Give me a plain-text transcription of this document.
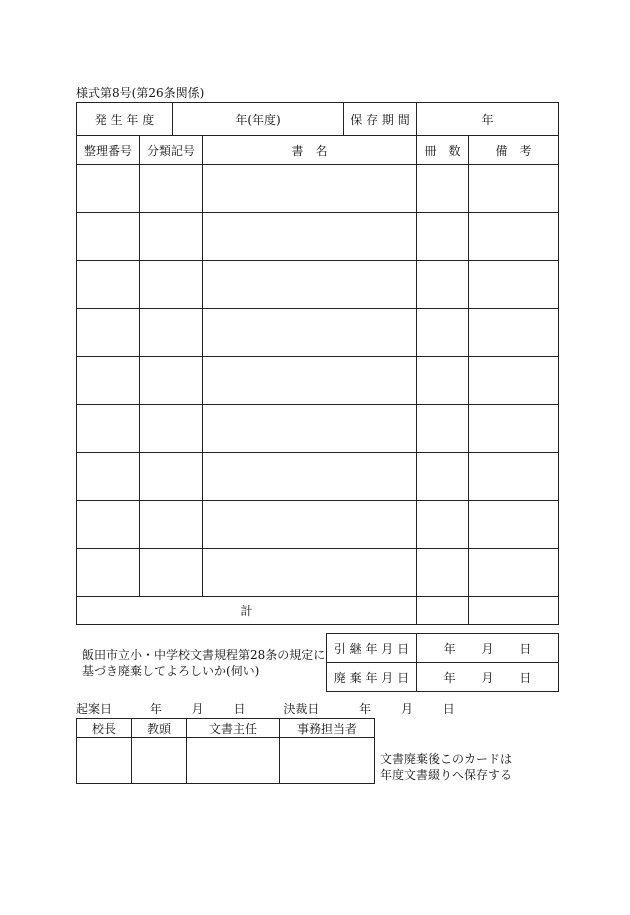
様式第8号(第26条関係)
発 生 年 度		年(年度)		保 存 期 間	年	
整理番号	分類記号		書　名		冊　数	備　考

計						
飯田市立小・中学校文書規程第28条の規定に基づき廃棄してよろしいか(伺い)
引 継 年 月 日	年 月 日
廃 棄 年 月 日	年 月 日
起案日	年 月 日	決裁日	年 月 日
校長	教頭	文書主任	事務担当者

文書廃棄後このカードは
年度文書綴りへ保存する
